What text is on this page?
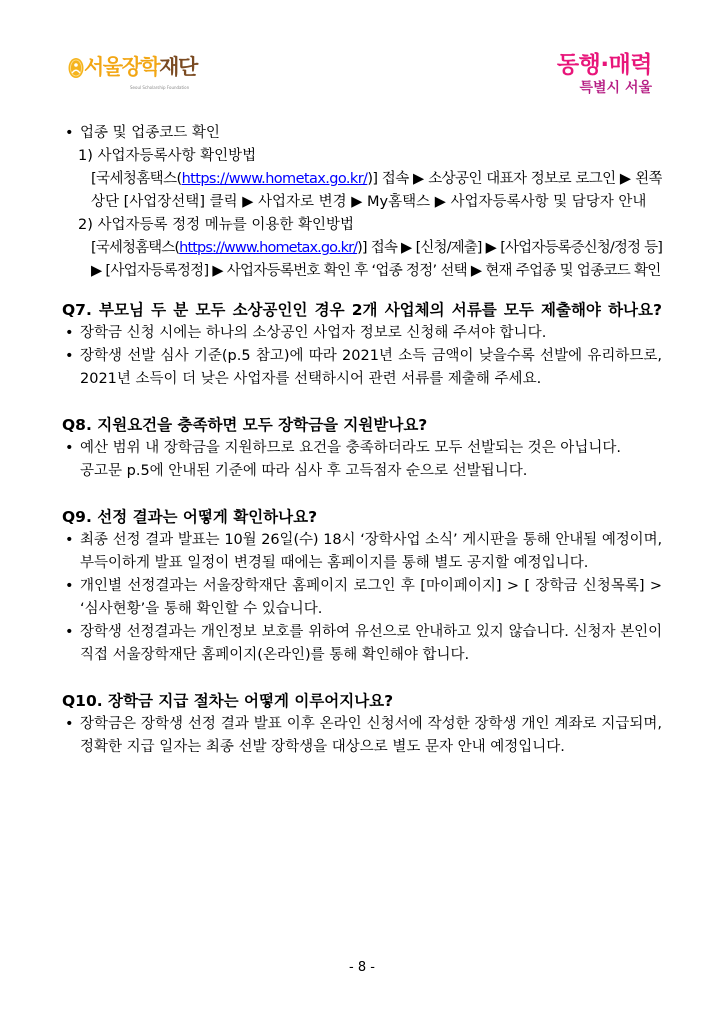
서울장학재단
Seoul Scholarship Foundation
동행·매력
특별시 서울
• 업종 및 업종코드 확인
1) 사업자등록사항 확인방법
[국세청홈택스(https://www.hometax.go.kr/)] 접속 ▶ 소상공인 대표자 정보로 로그인 ▶ 왼쪽
상단 [사업장선택] 클릭 ▶ 사업자로 변경 ▶ My홈택스 ▶ 사업자등록사항 및 담당자 안내
2) 사업자등록 정정 메뉴를 이용한 확인방법
[국세청홈택스(https://www.hometax.go.kr/)] 접속 ▶ [신청/제출] ▶ [사업자등록증신청/정정 등]
▶ [사업자등록정정] ▶ 사업자등록번호 확인 후 ‘업종 정정’ 선택 ▶ 현재 주업종 및 업종코드 확인
Q7. 부모님 두 분 모두 소상공인인 경우 2개 사업체의 서류를 모두 제출해야 하나요?
• 장학금 신청 시에는 하나의 소상공인 사업자 정보로 신청해 주셔야 합니다.
• 장학생 선발 심사 기준(p.5 참고)에 따라 2021년 소득 금액이 낮을수록 선발에 유리하므로,
2021년 소득이 더 낮은 사업자를 선택하시어 관련 서류를 제출해 주세요.
Q8. 지원요건을 충족하면 모두 장학금을 지원받나요?
• 예산 범위 내 장학금을 지원하므로 요건을 충족하더라도 모두 선발되는 것은 아닙니다.
공고문 p.5에 안내된 기준에 따라 심사 후 고득점자 순으로 선발됩니다.
Q9. 선정 결과는 어떻게 확인하나요?
• 최종 선정 결과 발표는 10월 26일(수) 18시 ‘장학사업 소식’ 게시판을 통해 안내될 예정이며,
부득이하게 발표 일정이 변경될 때에는 홈페이지를 통해 별도 공지할 예정입니다.
• 개인별 선정결과는 서울장학재단 홈페이지 로그인 후 [마이페이지] > [ 장학금 신청목록] >
‘심사현황’을 통해 확인할 수 있습니다.
• 장학생 선정결과는 개인정보 보호를 위하여 유선으로 안내하고 있지 않습니다. 신청자 본인이
직접 서울장학재단 홈페이지(온라인)를 통해 확인해야 합니다.
Q10. 장학금 지급 절차는 어떻게 이루어지나요?
• 장학금은 장학생 선정 결과 발표 이후 온라인 신청서에 작성한 장학생 개인 계좌로 지급되며,
정확한 지급 일자는 최종 선발 장학생을 대상으로 별도 문자 안내 예정입니다.
- 8 -
